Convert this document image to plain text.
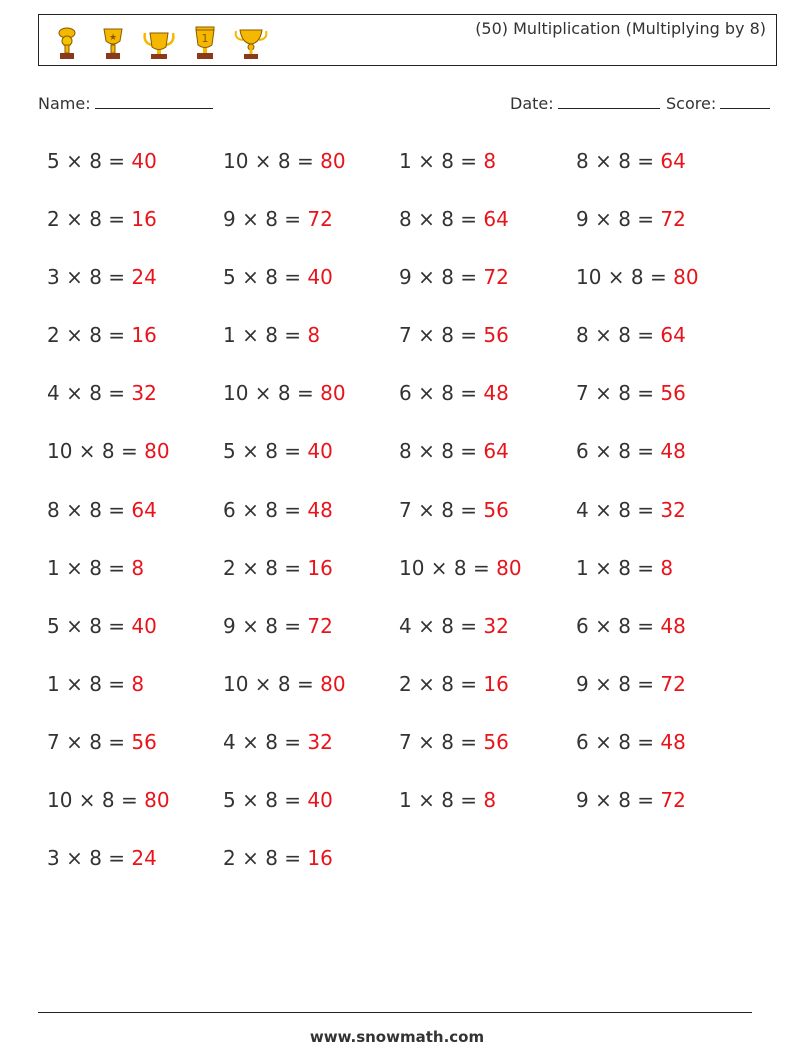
★	1
(50) Multiplication (Multiplying by 8)
Name:	Date:	Score:
5 × 8 = 40	10 × 8 = 80	1 × 8 = 8	8 × 8 = 64
2 × 8 = 16	9 × 8 = 72	8 × 8 = 64	9 × 8 = 72
3 × 8 = 24	5 × 8 = 40	9 × 8 = 72	10 × 8 = 80
2 × 8 = 16	1 × 8 = 8	7 × 8 = 56	8 × 8 = 64
4 × 8 = 32	10 × 8 = 80	6 × 8 = 48	7 × 8 = 56
10 × 8 = 80	5 × 8 = 40	8 × 8 = 64	6 × 8 = 48
8 × 8 = 64	6 × 8 = 48	7 × 8 = 56	4 × 8 = 32
1 × 8 = 8	2 × 8 = 16	10 × 8 = 80	1 × 8 = 8
5 × 8 = 40	9 × 8 = 72	4 × 8 = 32	6 × 8 = 48
1 × 8 = 8	10 × 8 = 80	2 × 8 = 16	9 × 8 = 72
7 × 8 = 56	4 × 8 = 32	7 × 8 = 56	6 × 8 = 48
10 × 8 = 80	5 × 8 = 40	1 × 8 = 8	9 × 8 = 72
3 × 8 = 24	2 × 8 = 16
www.snowmath.com
